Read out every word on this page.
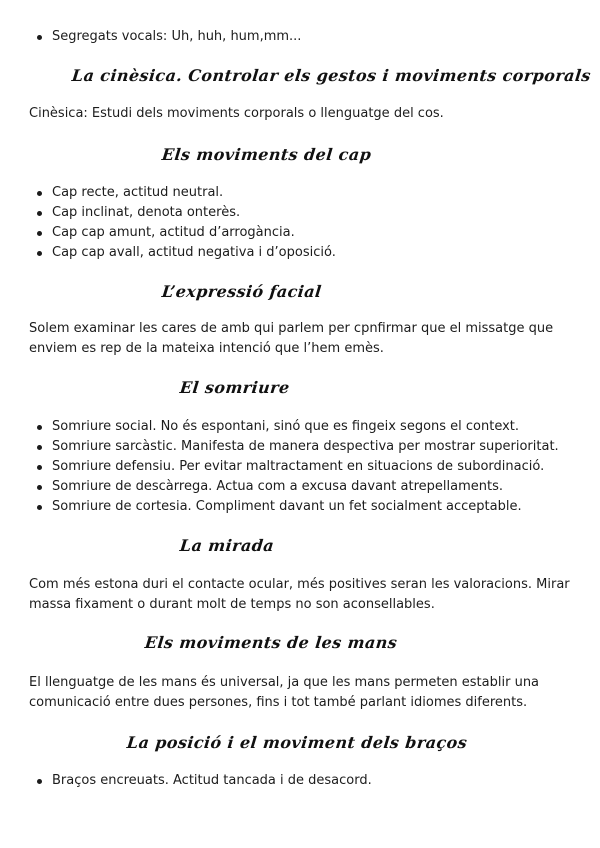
Segregats vocals: Uh, huh, hum,mm...
La cinèsica. Controlar els gestos i moviments corporals

Cinèsica: Estudi dels moviments corporals o llenguatge del cos.

Els moviments del cap
Cap recte, actitud neutral.
Cap inclinat, denota onterès.
Cap cap amunt, actitud d’arrogància.
Cap cap avall, actitud negativa i d’oposició.
L’expressió facial

Solem examinar les cares de amb qui parlem per cpnfirmar que el missatge que enviem es rep de la mateixa intenció que l’hem emès.

El somriure
Somriure social. No és espontani, sinó que es fingeix segons el context.
Somriure sarcàstic. Manifesta de manera despectiva per mostrar superioritat.
Somriure defensiu. Per evitar maltractament en situacions de subordinació.
Somriure de descàrrega. Actua com a excusa davant atrepellaments.
Somriure de cortesia. Compliment davant un fet socialment acceptable.
La mirada

Com més estona duri el contacte ocular, més positives seran les valoracions. Mirar massa fixament o durant molt de temps no son aconsellables.

Els moviments de les mans

El llenguatge de les mans és universal, ja que les mans permeten establir una comunicació entre dues persones, fins i tot també parlant idiomes diferents.

La posició i el moviment dels braços
Braços encreuats. Actitud tancada i de desacord.
